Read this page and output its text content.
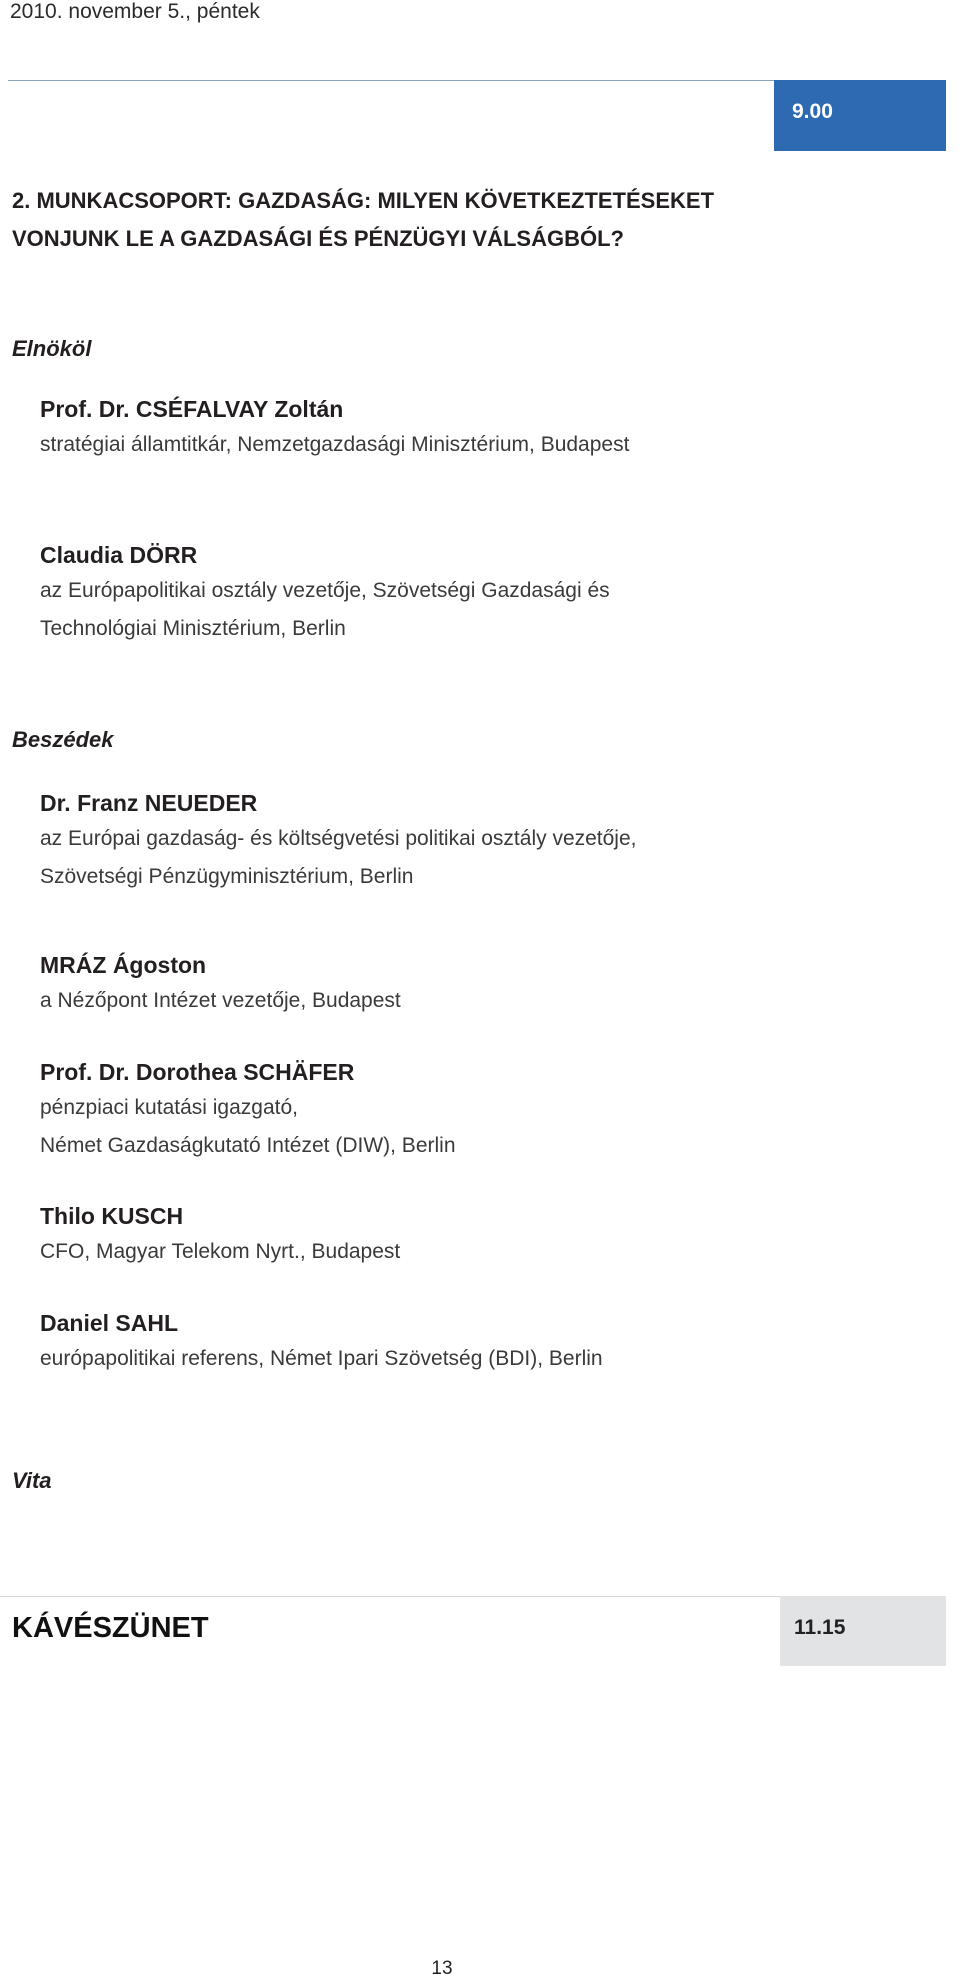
2010. november 5., péntek
9.00
2. MUNKACSOPORT: GAZDASÁG: MILYEN KÖVETKEZTETÉSEKET
VONJUNK LE A GAZDASÁGI ÉS PÉNZÜGYI VÁLSÁGBÓL?
Elnököl
Prof. Dr. CSÉFALVAY Zoltán
stratégiai államtitkár, Nemzetgazdasági Minisztérium, Budapest
Claudia DÖRR
az Európapolitikai osztály vezetője, Szövetségi Gazdasági és
Technológiai Minisztérium, Berlin
Beszédek
Dr. Franz NEUEDER
az Európai gazdaság- és költségvetési politikai osztály vezetője,
Szövetségi Pénzügyminisztérium, Berlin
MRÁZ Ágoston
a Nézőpont Intézet vezetője, Budapest
Prof. Dr. Dorothea SCHÄFER
pénzpiaci kutatási igazgató,
Német Gazdaságkutató Intézet (DIW), Berlin
Thilo KUSCH
CFO, Magyar Telekom Nyrt., Budapest
Daniel SAHL
európapolitikai referens, Német Ipari Szövetség (BDI), Berlin
Vita
KÁVÉSZÜNET	11.15
13
